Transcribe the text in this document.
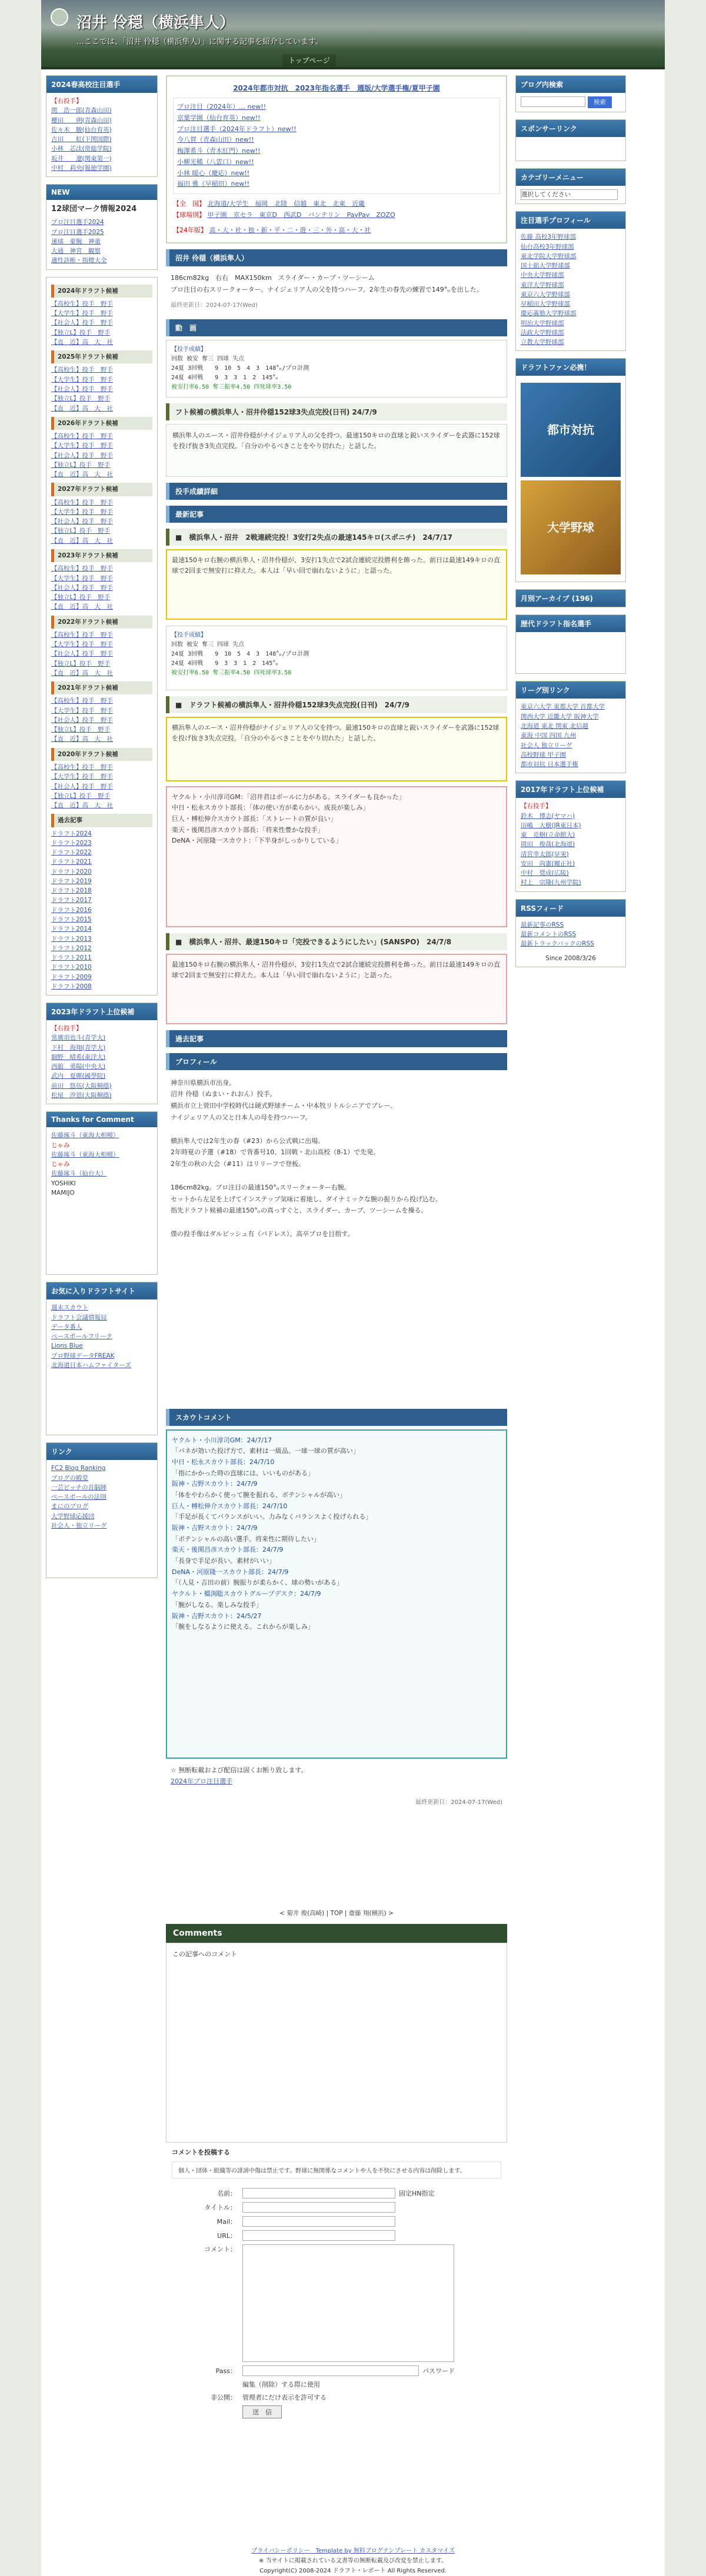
沼井 伶穏（横浜隼人）
…ここでは、「沼井 伶穏（横浜隼人）」に関する記事を紹介しています。
トップページ
2024春高校注目選手
【右投手】
関　浩一郎(青森山田)
櫻田　　朔(青森山田)
佐々木　駿(仙台育英)
吉田　　虹(下関国際)
小林　芯汰(常総学院)
坂井　　遼(関東第一)
中村　莉央(報徳学園)
NEW
12球団マーク情報2024
プロ注目選手2024
プロ注目選手2025
速球　豪腕　神童
大通　神宮　観察
適性診断・指標大全
2024年ドラフト候補
【高校生】投手　野手
【大学生】投手　野手
【社会人】投手　野手
【独立L】投手　野手
【直　近】高　大　社
2025年ドラフト候補
【高校生】投手　野手
【大学生】投手　野手
【社会人】投手　野手
【独立L】投手　野手
【直　近】高　大　社
2026年ドラフト候補
【高校生】投手　野手
【大学生】投手　野手
【社会人】投手　野手
【独立L】投手　野手
【直　近】高　大　社
2027年ドラフト候補
【高校生】投手　野手
【大学生】投手　野手
【社会人】投手　野手
【独立L】投手　野手
【直　近】高　大　社
2023年ドラフト候補
【高校生】投手　野手
【大学生】投手　野手
【社会人】投手　野手
【独立L】投手　野手
【直　近】高　大　社
2022年ドラフト候補
【高校生】投手　野手
【大学生】投手　野手
【社会人】投手　野手
【独立L】投手　野手
【直　近】高　大　社
2021年ドラフト候補
【高校生】投手　野手
【大学生】投手　野手
【社会人】投手　野手
【独立L】投手　野手
【直　近】高　大　社
2020年ドラフト候補
【高校生】投手　野手
【大学生】投手　野手
【社会人】投手　野手
【独立L】投手　野手
【直　近】高　大　社
過去記事
ドラフト2024
ドラフト2023
ドラフト2022
ドラフト2021
ドラフト2020
ドラフト2019
ドラフト2018
ドラフト2017
ドラフト2016
ドラフト2015
ドラフト2014
ドラフト2013
ドラフト2012
ドラフト2011
ドラフト2010
ドラフト2009
ドラフト2008
2023年ドラフト上位候補
【右投手】
常廣羽也斗(青学大)
下村　海翔(青学大)
細野　晴希(東洋大)
西舘　勇陽(中央大)
武内　夏暉(國學院)
前田　悠伍(大阪桐蔭)
松尾　汐恩(大阪桐蔭)
Thanks for Comment
佐藤琢斗（東海大相模）
じゃみ
佐藤琢斗（東海大相模）
じゃみ
佐藤琢斗（仙台大）
YOSHIKI
MAMIJO
お気に入りドラフトサイト
週末スカウト
ドラフト会議情報局
データ番人
ベースボールフリーク
Lions Blue
プロ野球データFREAK
北海道日本ハムファイターズ
リンク
FC2 Blog Ranking
ブログの殿堂
一芸ピッチの首脳陣
ベースボールの法則
まにのブログ
大学野球応援団
社会人・独立リーグ
2024年都市対抗　2023年指名選手　週版/大学選手権/夏甲子園
プロ注目（2024年）… new!!
京葉学園（仙台育英）new!!
プロ注目選手（2024年ドラフト）new!!
今八賀（青森山田）new!!
梅澤希斗（青木紅門）new!!
小柳光稀（八雲口）new!!
小林 暖心（慶応）new!!
福田 雅（早稲田）new!!
【全　国】 北海道/大学生　福岡　北陸　信越　東北　北東　近畿
【球場別】 甲子園　京セラ　東京D　西武D　バンテリン　PayPay　ZOZO
【24年版】 高・大・社・独・新・平・二・遊・三・外・高・大・社
沼井 伶穏（横浜隼人）
186cm82kg　右右　MAX150km　スライダー・カーブ・ツーシーム
プロ注目の右スリークォーター。ナイジェリア人の父を持つハーフ。2年生の春先の練習で149㌔を出した。
最終更新日：2024-07-17(Wed)
動　画
【投手成績】
回数 被安 奪三 四球 失点
24夏 3回戦　　9　10　5　4　3　148㌔/プロ計測
24夏 4回戦　　9　3　3　1　2　145㌔
被安打率6.50 奪三振率4.50 四死球率3.50
フト候補の横浜隼人・沼井伶穏152球3失点完投(日刊) 24/7/9
横浜隼人のエース・沼井伶穏がナイジェリア人の父を持つ。最速150キロの直球と鋭いスライダーを武器に152球を投げ抜き3失点完投。「自分のやるべきことをやり切れた」と話した。
投手成績詳細
最新記事
■　横浜隼人・沼井　2戦連続完投！3安打2失点の最速145キロ(スポニチ)　24/7/17
最速150キロ右腕の横浜隼人・沼井伶穏が、3安打1失点で2試合連続完投勝利を飾った。前日は最速149キロの直球で2回まで無安打に抑えた。本人は「早い回で崩れないように」と語った。
【投手成績】
回数 被安 奪三 四球 失点
24夏 3回戦　　9　10　5　4　3　148㌔/プロ計測
24夏 4回戦　　9　3　3　1　2　145㌔
被安打率6.50 奪三振率4.50 四死球率3.50
■　ドラフト候補の横浜隼人・沼井伶穏152球3失点完投(日刊)　24/7/9
横浜隼人のエース・沼井伶穏がナイジェリア人の父を持つ。最速150キロの直球と鋭いスライダーを武器に152球を投げ抜き3失点完投。「自分のやるべきことをやり切れた」と話した。
ヤクルト・小川淳司GM：「沼井君はボールに力がある。スライダーも良かった」
中日・松永スカウト部長：「体の使い方が柔らかい。成長が楽しみ」
巨人・榑松伸介スカウト部長：「ストレートの質が良い」
楽天・後関昌彦スカウト部長：「将来性豊かな投手」
DeNA・河原隆一スカウト：「下半身がしっかりしている」
■　横浜隼人・沼井、最速150キロ「完投できるようにしたい」(SANSPO)　24/7/8
最速150キロ右腕の横浜隼人・沼井伶穏が、3安打1失点で2試合連続完投勝利を飾った。前日は最速149キロの直球で2回まで無安打に抑えた。本人は「早い回で崩れないように」と語った。
過去記事
プロフィール
神奈川県横浜市出身。
沼井 伶穏（ぬまい・れおん）投手。
横浜市立上菅田中学校時代は硬式野球チーム・中本牧リトルシニアでプレー。
ナイジェリア人の父と日本人の母を持つハーフ。

横浜隼人では2年生の春（#23）から公式戦に出場。
2年時夏の予選（#18）で背番号10、1回戦・北山高校（8-1）で先発。
2年生の秋の大会（#11）はリリーフで登板。

186cm82kg。プロ注目の最速150㌔スリークォーター右腕。
セットから左足を上げてインステップ気味に着地し、ダイナミックな腕の振りから投げ込む。
指先ドラフト候補の最速150㌔の真っすぐと、スライダー、カーブ、ツーシームを操る。

僕の投手像はダルビッシュ有（パドレス）。高卒プロを目指す。
スカウトコメント
ヤクルト・小川淳司GM：24/7/17
「バネが効いた投げ方で、素材は一級品。一球一球の質が高い」
中日・松永スカウト部長：24/7/10
「指にかかった時の直球には、いいものがある」
阪神・吉野スカウト：24/7/9
「体をやわらかく使って腕を振れる、ボテンシャルが高い」
巨人・榑松伸介スカウト部長：24/7/10
「手足が長くてバランスがいい。力みなくバランスよく投げられる」
阪神・吉野スカウト：24/7/9
「ポテンシャルの高い選手。将来性に期待したい」
楽天・後関昌彦スカウト部長：24/7/9
「長身で手足が長い。素材がいい」
DeNA・河原隆一スカウト部長：24/7/9
「（人見・吉田の前）腕振りが柔らかく、球の勢いがある」
ヤクルト・橿渕聡スカウトグループデスク：24/7/9
「腕がしなる。楽しみな投手」
阪神・吉野スカウト：24/5/27
「腕をしなるように使える。これからが楽しみ」
☆ 無断転載および配信は固くお断り致します。
2024年プロ注目選手
最終更新日：2024-07-17(Wed)
ブログ内検索
検索
スポンサーリンク
カテゴリーメニュー
選択してください
注目選手プロフィール
佐藤 高校3年野球部
仙台高校3年野球部
東北学院大学野球部
国士舘大学野球部
中央大学野球部
東洋大学野球部
東京六大学野球部
早稲田大学野球部
慶応義塾大学野球部
明治大学野球部
法政大学野球部
立教大学野球部
ドラフトファン必携！
都市対抗
大学野球
月別アーカイブ (196)
歴代ドラフト指名選手
リーグ別リンク
東京六大学 東都大学 首都大学
関西大学 近畿大学 阪神大学
北海道 東北 関東 北信越
東海 中国 四国 九州
社会人 独立リーグ
高校野球 甲子園
都市対抗 日本選手権
2017年ドラフト上位候補
【右投手】
鈴木　博志(ヤマハ)
田嶋　大樹(JR東日本)
東　克樹(立命館大)
岡田　俊哉(北海道)
清宮幸太郎(早実)
安田　尚憲(履正社)
中村　奨成(広陵)
村上　宗隆(九州学院)
RSSフィード
最新記事のRSS
最新コメントのRSS
最新トラックバックのRSS
Since 2008/3/26
< 菊井 俊(高崎) | TOP | 齋藤 翔(横浜) >
Comments
この記事へのコメント
コメントを投稿する
個人・団体・組織等の誹謗中傷は禁止です。野球に無関係なコメントや人を不快にさせる内容は削除します。
名前：	固定HN指定
タイトル：
Mail：
URL：
コメント：
Pass：	パスワード
編集（削除）する際に使用
非公開： 管理者にだけ表示を許可する
送　信
プライバシーポリシー　Template by 無料ブログテンプレート カスタマイズ
※ 当サイトに掲載されている文書等の無断転載及び改変を禁止します。
Copyright(C) 2008-2024 ドラフト・レポート All Rights Reserved.
